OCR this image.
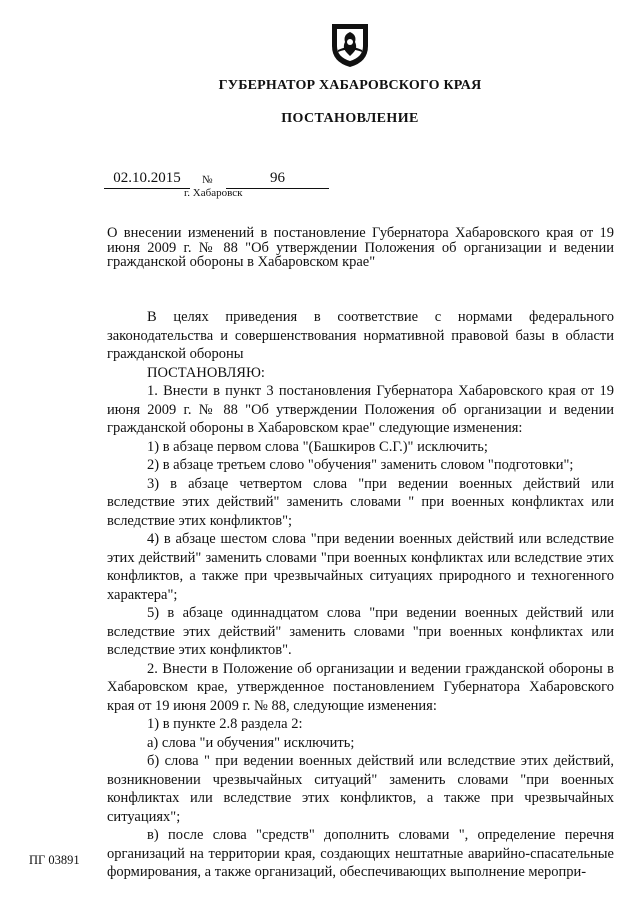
ГУБЕРНАТОР ХАБАРОВСКОГО КРАЯ
ПОСТАНОВЛЕНИЕ
02.10.2015	№	96
г. Хабаровск
О внесении изменений в постановление Губернатора Хабаровского края от 19 июня 2009 г. № 88 "Об утверждении Положения об организации и ведении гражданской обороны в Хабаровском крае"

В целях приведения в соответствие с нормами федерального законодательства и совершенствования нормативной правовой базы в области гражданской обороны

ПОСТАНОВЛЯЮ:

1. Внести в пункт 3 постановления Губернатора Хабаровского края от 19 июня 2009 г. № 88 "Об утверждении Положения об организации и ведении гражданской обороны в Хабаровском крае" следующие изменения:

1) в абзаце первом слова "(Башкиров С.Г.)" исключить;

2) в абзаце третьем слово "обучения" заменить словом "подготовки";

3) в абзаце четвертом слова "при ведении военных действий или вследствие этих действий" заменить словами " при военных конфликтах или вследствие этих конфликтов";

4) в абзаце шестом слова "при ведении военных действий или вследствие этих действий" заменить словами "при военных конфликтах или вследствие этих конфликтов, а также при чрезвычайных ситуациях природного и техногенного характера";

5) в абзаце одиннадцатом слова "при ведении военных действий или вследствие этих действий" заменить словами "при военных конфликтах или вследствие этих конфликтов".

2. Внести в Положение об организации и ведении гражданской обороны в Хабаровском крае, утвержденное постановлением Губернатора Хабаровского края от 19 июня 2009 г. № 88, следующие изменения:

1) в пункте 2.8 раздела 2:

а) слова "и обучения" исключить;

б) слова " при ведении военных действий или вследствие этих действий, возникновении чрезвычайных ситуаций" заменить словами "при военных конфликтах или вследствие этих конфликтов, а также при чрезвычайных ситуациях";

в) после слова "средств" дополнить словами ", определение перечня организаций на территории края, создающих нештатные аварийно-спасательные формирования, а также организаций, обеспечивающих выполнение меропри-

ПГ 03891
